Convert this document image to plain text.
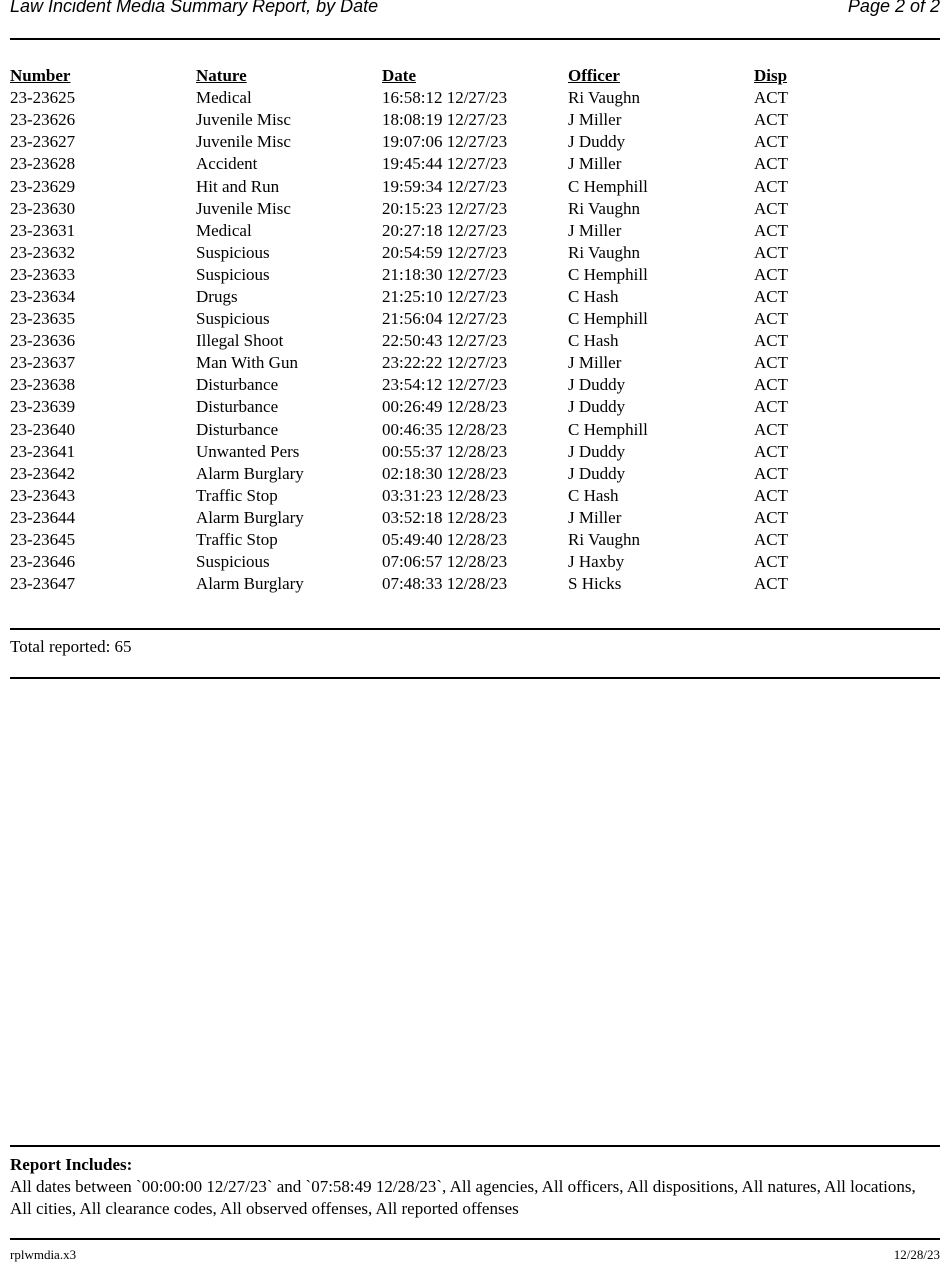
Law Incident Media Summary Report, by Date	Page 2 of 2
Number	Nature	Date	Officer	Disp
23-23625	Medical	16:58:12 12/27/23	Ri Vaughn	ACT
23-23626	Juvenile Misc	18:08:19 12/27/23	J Miller	ACT
23-23627	Juvenile Misc	19:07:06 12/27/23	J Duddy	ACT
23-23628	Accident	19:45:44 12/27/23	J Miller	ACT
23-23629	Hit and Run	19:59:34 12/27/23	C Hemphill	ACT
23-23630	Juvenile Misc	20:15:23 12/27/23	Ri Vaughn	ACT
23-23631	Medical	20:27:18 12/27/23	J Miller	ACT
23-23632	Suspicious	20:54:59 12/27/23	Ri Vaughn	ACT
23-23633	Suspicious	21:18:30 12/27/23	C Hemphill	ACT
23-23634	Drugs	21:25:10 12/27/23	C Hash	ACT
23-23635	Suspicious	21:56:04 12/27/23	C Hemphill	ACT
23-23636	Illegal Shoot	22:50:43 12/27/23	C Hash	ACT
23-23637	Man With Gun	23:22:22 12/27/23	J Miller	ACT
23-23638	Disturbance	23:54:12 12/27/23	J Duddy	ACT
23-23639	Disturbance	00:26:49 12/28/23	J Duddy	ACT
23-23640	Disturbance	00:46:35 12/28/23	C Hemphill	ACT
23-23641	Unwanted Pers	00:55:37 12/28/23	J Duddy	ACT
23-23642	Alarm Burglary	02:18:30 12/28/23	J Duddy	ACT
23-23643	Traffic Stop	03:31:23 12/28/23	C Hash	ACT
23-23644	Alarm Burglary	03:52:18 12/28/23	J Miller	ACT
23-23645	Traffic Stop	05:49:40 12/28/23	Ri Vaughn	ACT
23-23646	Suspicious	07:06:57 12/28/23	J Haxby	ACT
23-23647	Alarm Burglary	07:48:33 12/28/23	S Hicks	ACT
Total reported: 65
Report Includes:
All dates between `00:00:00 12/27/23` and `07:58:49 12/28/23`, All agencies, All officers, All dispositions, All natures, All locations, All cities, All clearance codes, All observed offenses, All reported offenses
rplwmdia.x3	12/28/23
